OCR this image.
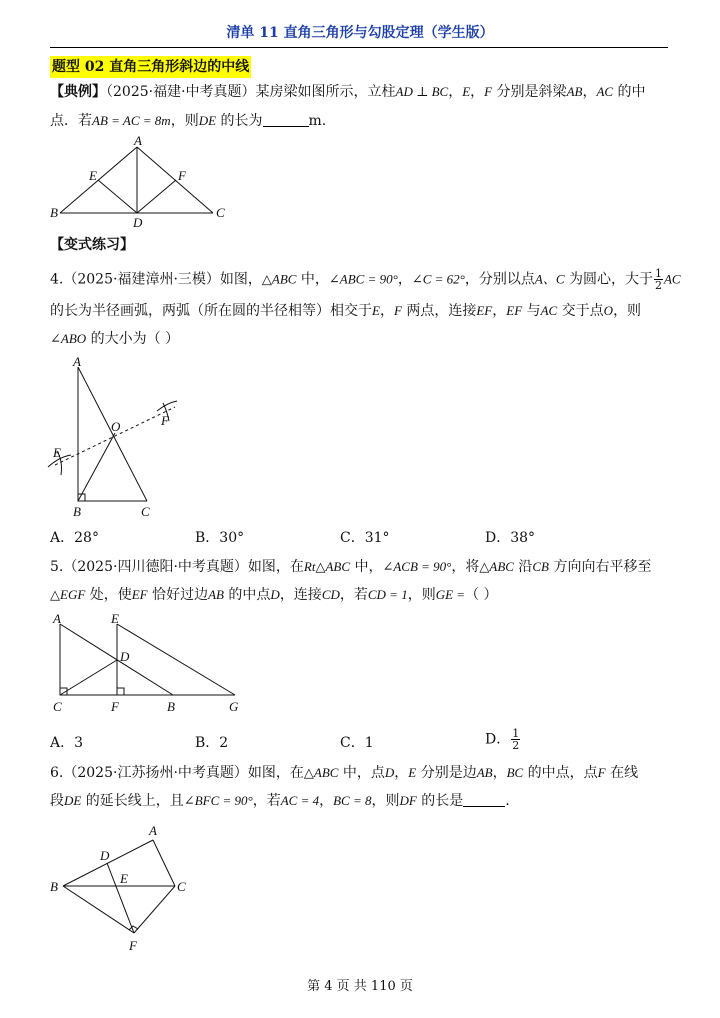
清单 11 直角三角形与勾股定理（学生版）
题型 02 直角三角形斜边的中线
【典例】（2025·福建·中考真题）某房梁如图所示，立柱AD ⊥ BC，E，F 分别是斜梁AB，AC 的中
点．若AB = AC = 8m，则DE 的长为	m.
A
B	C
D
E	F
【变式练习】
4.（2025·福建漳州·三模）如图，△ABC 中，∠ABC = 90°，∠C = 62°，分别以点A、C 为圆心，大于 $\frac{1}{2}$ AC
的长为半径画弧，两弧（所在圆的半径相等）相交于E，F 两点，连接EF，EF 与AC 交于点O，则
∠ABO 的大小为（ ）
A
B	C
O
E
F
A．28°	B．30°	C．31°	D．38°
5.（2025·四川德阳·中考真题）如图，在Rt△ABC 中，∠ACB = 90°，将△ABC 沿CB 方向向右平移至
△EGF 处，使EF 恰好过边AB 的中点D，连接CD，若CD = 1，则GE =（ ）
A	E
D
C	F	B	G
A．3	B．2	C．1	D． $\frac{1}{2}$
6.（2025·江苏扬州·中考真题）如图，在△ABC 中，点D，E 分别是边AB，BC 的中点，点F 在线
段DE 的延长线上，且∠BFC = 90°，若AC = 4，BC = 8，则DF 的长是	.
A
D
B
E
C
F
第 4 页 共 110 页
